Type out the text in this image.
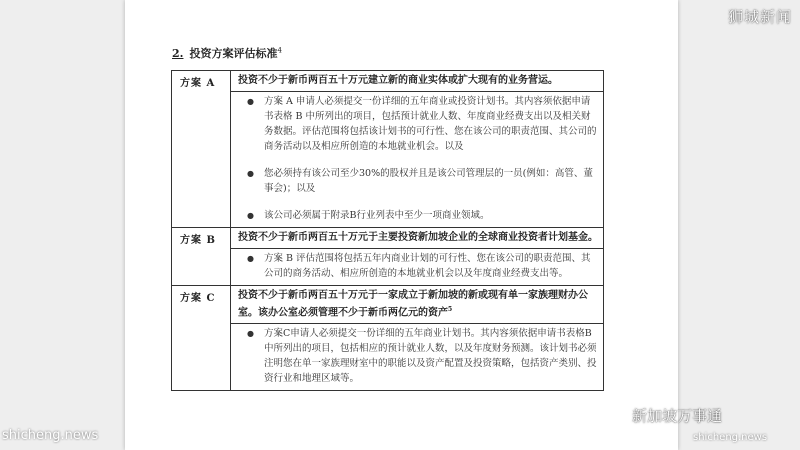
狮城新闻
2. 投资方案评估标准$^4$
方案 A	投资不少于新币两百五十万元建立新的商业实体或扩大现有的业务营运。
●	方案 A 申请人必须提交一份详细的五年商业或投资计划书。其内容须依据申请书表格 B 中所列出的项目，包括预计就业人数、年度商业经费支出以及相关财务数据。评估范围将包括该计划书的可行性、您在该公司的职责范围、其公司的商务活动以及相应所创造的本地就业机会。以及
●	您必须持有该公司至少30%的股权并且是该公司管理层的一员(例如：高管、董事会)；以及
●	该公司必须属于附录B行业列表中至少一项商业领域。
方案 B	投资不少于新币两百五十万元于主要投资新加坡企业的全球商业投资者计划基金。
●	方案 B 评估范围将包括五年内商业计划的可行性、您在该公司的职责范围、其公司的商务活动、相应所创造的本地就业机会以及年度商业经费支出等。
方案 C	投资不少于新币两百五十万元于一家成立于新加坡的新或现有单一家族理财办公室。该办公室必须管理不少于新币两亿元的资产$^5$
●	方案C申请人必须提交一份详细的五年商业计划书。其内容须依据申请书表格B中所列出的项目，包括相应的预计就业人数，以及年度财务预测。该计划书必须注明您在单一家族理财室中的职能以及资产配置及投资策略，包括资产类别、投资行业和地理区域等。
新加坡万事通
shicheng.news	shicheng.news
